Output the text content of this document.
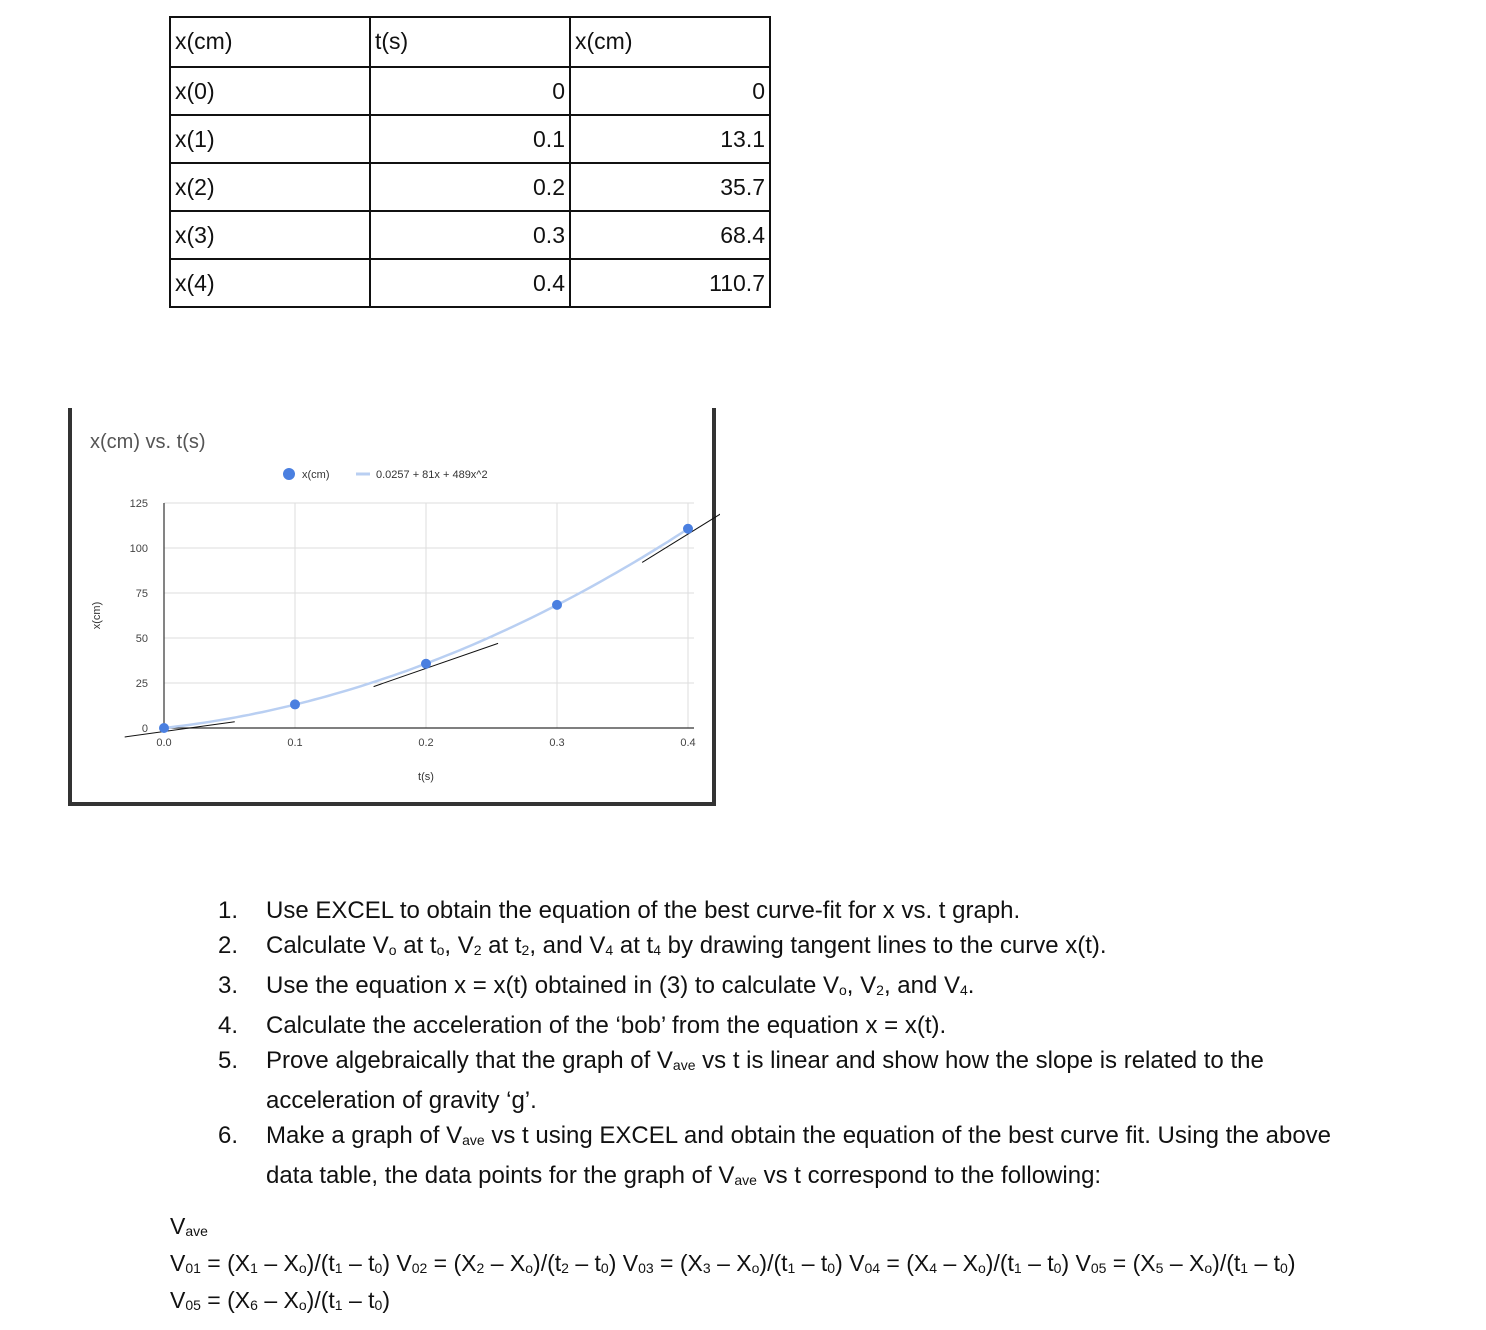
x(cm)	t(s)	x(cm)
x(0)	0	0
x(1)	0.1	13.1
x(2)	0.2	35.7
x(3)	0.3	68.4
x(4)	0.4	110.7
x(cm) vs. t(s)
0
25
50
75
100
125
0.0	0.1	0.2	0.3	0.4
t(s)
x(cm)
x(cm)	0.0257 + 81x + 489x^2
1. Use EXCEL to obtain the equation of the best curve-fit for x vs. t graph.
2. Calculate $V_o$ at $t_o$, $V_2$ at $t_2$, and $V_4$ at $t_4$ by drawing tangent lines to the curve x(t).
3. Use the equation x = x(t) obtained in (3) to calculate $V_o$, $V_2$, and $V_4$.
4. Calculate the acceleration of the ‘bob’ from the equation x = x(t).
5. Prove algebraically that the graph of $V_{ave}$ vs t is linear and show how the slope is related to the acceleration of gravity ‘g’.
6. Make a graph of $V_{ave}$ vs t using EXCEL and obtain the equation of the best curve fit. Using the above data table, the data points for the graph of $V_{ave}$ vs t correspond to the following:
$V_{ave}$
$V_{01} = (X_1 - X_o)/(t_1 - t_0) V_{02} = (X_2 - X_o)/(t_2 - t_0) V_{03} = (X_3 - X_o)/(t_1 - t_0) V_{04} = (X_4 - X_o)/(t_1 - t_0) V_{05} = (X_5 - X_o)/(t_1 - t_0)$
$V_{05} = (X_6 - X_o)/(t_1 - t_0)$
